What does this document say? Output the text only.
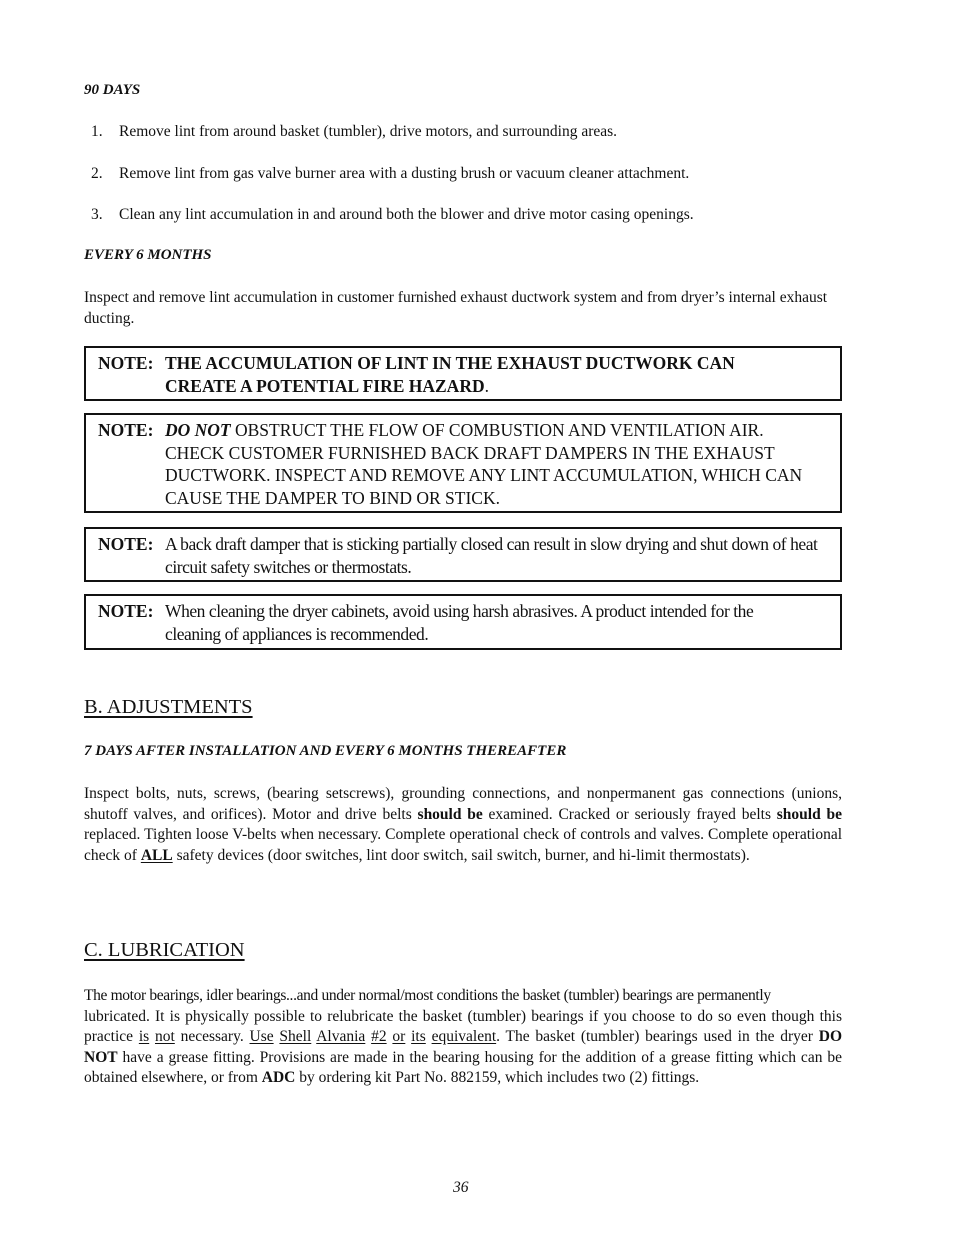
90 DAYS
1. Remove lint from around basket (tumbler), drive motors, and surrounding areas.
2. Remove lint from gas valve burner area with a dusting brush or vacuum cleaner attachment.
3. Clean any lint accumulation in and around both the blower and drive motor casing openings.
EVERY 6 MONTHS
Inspect and remove lint accumulation in customer furnished exhaust ductwork system and from dryer’s internal exhaust ducting.
NOTE: THE ACCUMULATION OF LINT IN THE EXHAUST DUCTWORK CAN CREATE A POTENTIAL FIRE HAZARD.
NOTE: DO NOT OBSTRUCT THE FLOW OF COMBUSTION AND VENTILATION AIR. CHECK CUSTOMER FURNISHED BACK DRAFT DAMPERS IN THE EXHAUST DUCTWORK. INSPECT AND REMOVE ANY LINT ACCUMULATION, WHICH CAN CAUSE THE DAMPER TO BIND OR STICK.
NOTE: A back draft damper that is sticking partially closed can result in slow drying and shut down of heat circuit safety switches or thermostats.
NOTE: When cleaning the dryer cabinets, avoid using harsh abrasives. A product intended for the cleaning of appliances is recommended.
B. ADJUSTMENTS
7 DAYS AFTER INSTALLATION AND EVERY 6 MONTHS THEREAFTER
Inspect bolts, nuts, screws, (bearing setscrews), grounding connections, and nonpermanent gas connections (unions, shutoff valves, and orifices). Motor and drive belts should be examined. Cracked or seriously frayed belts should be replaced. Tighten loose V-belts when necessary. Complete operational check of controls and valves. Complete operational check of ALL safety devices (door switches, lint door switch, sail switch, burner, and hi-limit thermostats).
C. LUBRICATION
The motor bearings, idler bearings...and under normal/most conditions the basket (tumbler) bearings are permanently
lubricated. It is physically possible to relubricate the basket (tumbler) bearings if you choose to do so even though this practice is not necessary. Use Shell Alvania #2 or its equivalent. The basket (tumbler) bearings used in the dryer DO NOT have a grease fitting. Provisions are made in the bearing housing for the addition of a grease fitting which can be obtained elsewhere, or from ADC by ordering kit Part No. 882159, which includes two (2) fittings.
36
